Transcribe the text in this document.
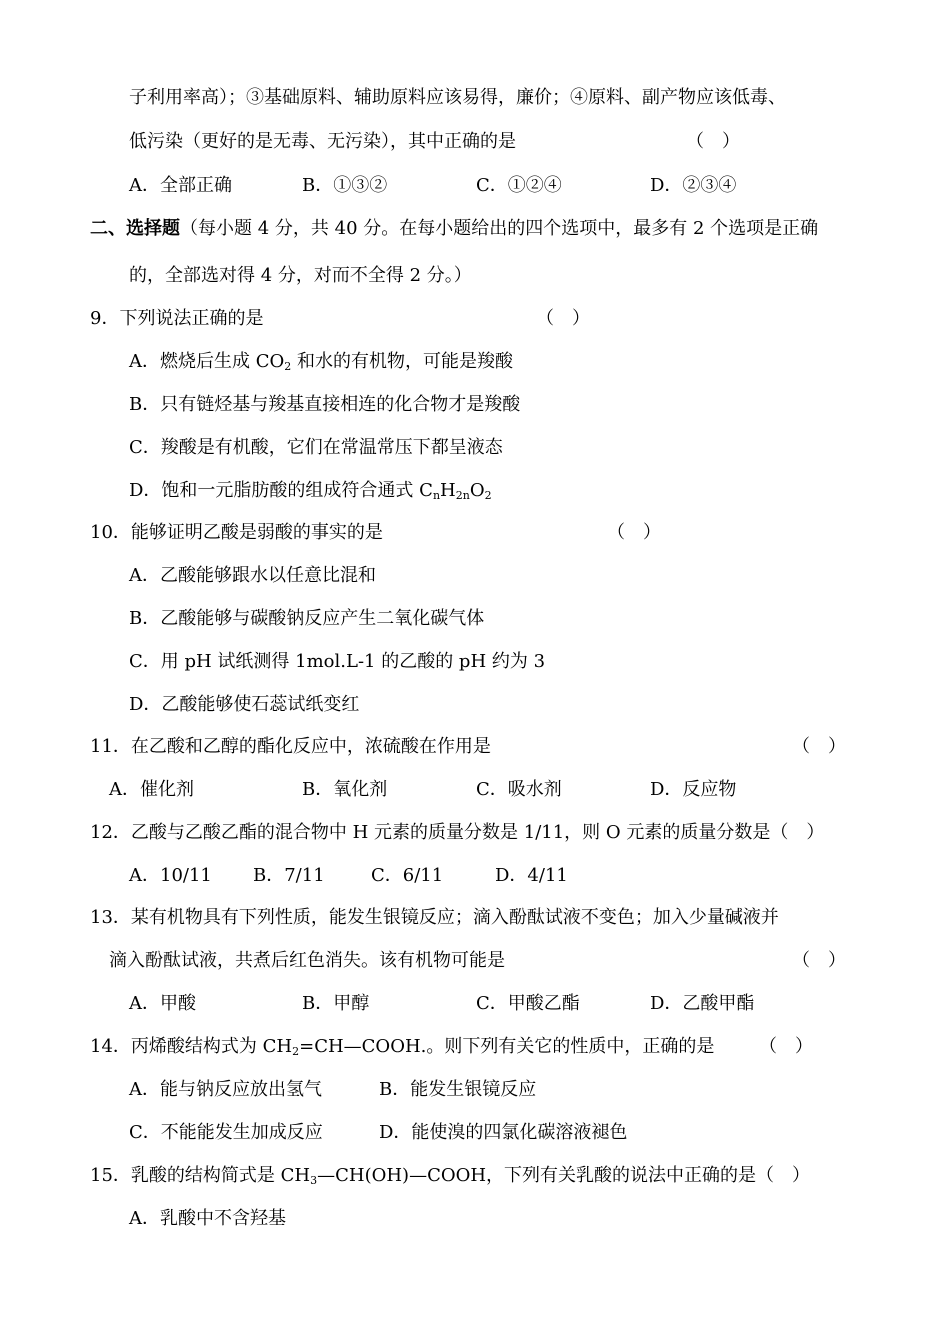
子利用率高）；③基础原料、辅助原料应该易得，廉价；④原料、副产物应该低毒、
低污染（更好的是无毒、无污染），其中正确的是	（　）
A．全部正确	B．①③②	C．①②④	D．②③④
二、选择题（每小题 4 分，共 40 分。在每小题给出的四个选项中，最多有 2 个选项是正确
的，全部选对得 4 分，对而不全得 2 分。）
9．下列说法正确的是	（　）
A．燃烧后生成 $CO_2$ 和水的有机物，可能是羧酸
B．只有链烃基与羧基直接相连的化合物才是羧酸
C．羧酸是有机酸，它们在常温常压下都呈液态
D．饱和一元脂肪酸的组成符合通式 $C_nH_{2n}O_2$
10．能够证明乙酸是弱酸的事实的是	（　）
A．乙酸能够跟水以任意比混和
B．乙酸能够与碳酸钠反应产生二氧化碳气体
C．用 pH 试纸测得 1mol.L-1 的乙酸的 pH 约为 3
D．乙酸能够使石蕊试纸变红
11．在乙酸和乙醇的酯化反应中，浓硫酸在作用是	（　）
A．催化剂	B．氧化剂	C．吸水剂	D．反应物
12．乙酸与乙酸乙酯的混合物中 H 元素的质量分数是 1/11，则 O 元素的质量分数是（　）
A．10/11 B．7/11	C．6/11	D．4/11
13．某有机物具有下列性质，能发生银镜反应；滴入酚酞试液不变色；加入少量碱液并
滴入酚酞试液，共煮后红色消失。该有机物可能是	（　）
A．甲酸	B．甲醇	C．甲酸乙酯	D．乙酸甲酯
14．丙烯酸结构式为 $CH_2=CH—COOH$.。则下列有关它的性质中，正确的是 （　）
A．能与钠反应放出氢气	B．能发生银镜反应
C．不能能发生加成反应	D．能使溴的四氯化碳溶液褪色
15．乳酸的结构简式是 $CH_3—CH(OH)—COOH$，下列有关乳酸的说法中正确的是（　）
A．乳酸中不含羟基
